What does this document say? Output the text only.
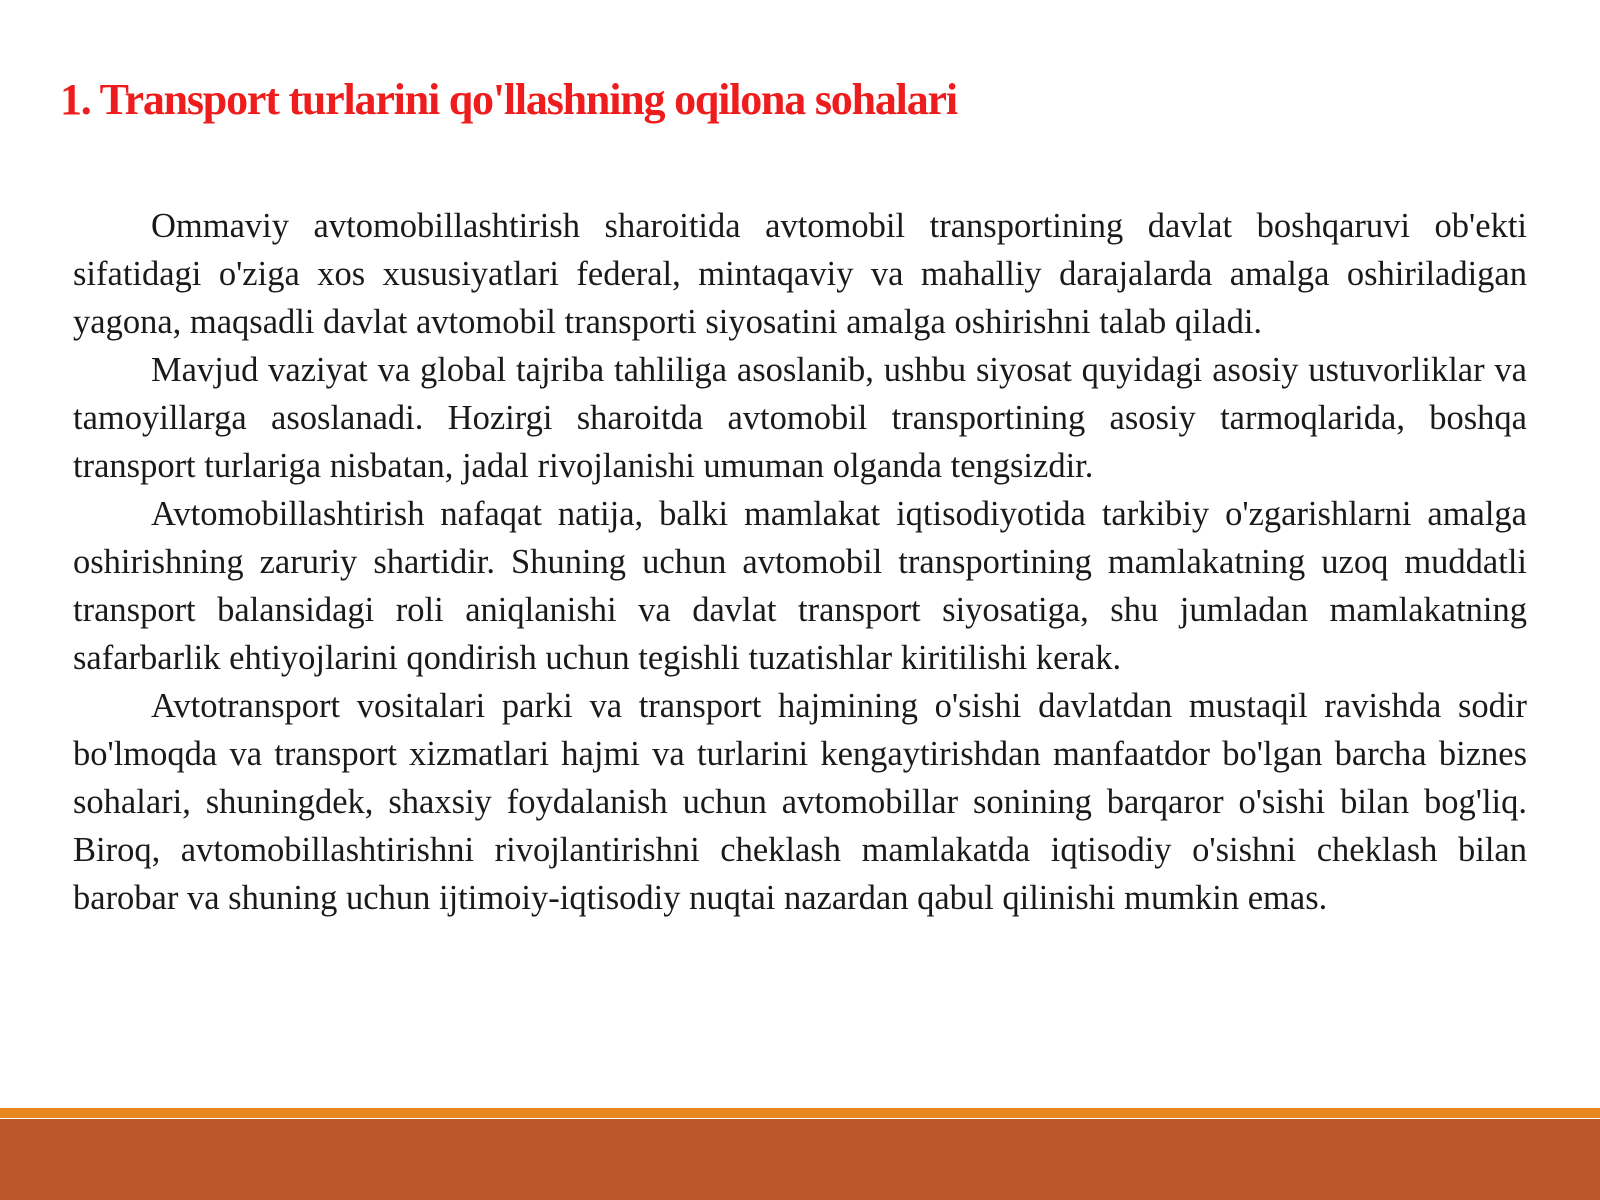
1. Transport turlarini qo'llashning oqilona sohalari

Ommaviy avtomobillashtirish sharoitida avtomobil transportining davlat boshqaruvi ob'ekti sifatidagi o'ziga xos xususiyatlari federal, mintaqaviy va mahalliy darajalarda amalga oshiriladigan yagona, maqsadli davlat avtomobil transporti siyosatini amalga oshirishni talab qiladi.

Mavjud vaziyat va global tajriba tahliliga asoslanib, ushbu siyosat quyidagi asosiy ustuvorliklar va tamoyillarga asoslanadi. Hozirgi sharoitda avtomobil transportining asosiy tarmoqlarida, boshqa transport turlariga nisbatan, jadal rivojlanishi umuman olganda tengsizdir.

Avtomobillashtirish nafaqat natija, balki mamlakat iqtisodiyotida tarkibiy o'zgarishlarni amalga oshirishning zaruriy shartidir. Shuning uchun avtomobil transportining mamlakatning uzoq muddatli transport balansidagi roli aniqlanishi va davlat transport siyosatiga, shu jumladan mamlakatning safarbarlik ehtiyojlarini qondirish uchun tegishli tuzatishlar kiritilishi kerak.

Avtotransport vositalari parki va transport hajmining o'sishi davlatdan mustaqil ravishda sodir bo'lmoqda va transport xizmatlari hajmi va turlarini kengaytirishdan manfaatdor bo'lgan barcha biznes sohalari, shuningdek, shaxsiy foydalanish uchun avtomobillar sonining barqaror o'sishi bilan bog'liq. Biroq, avtomobillashtirishni rivojlantirishni cheklash mamlakatda iqtisodiy o'sishni cheklash bilan barobar va shuning uchun ijtimoiy-iqtisodiy nuqtai nazardan qabul qilinishi mumkin emas.
